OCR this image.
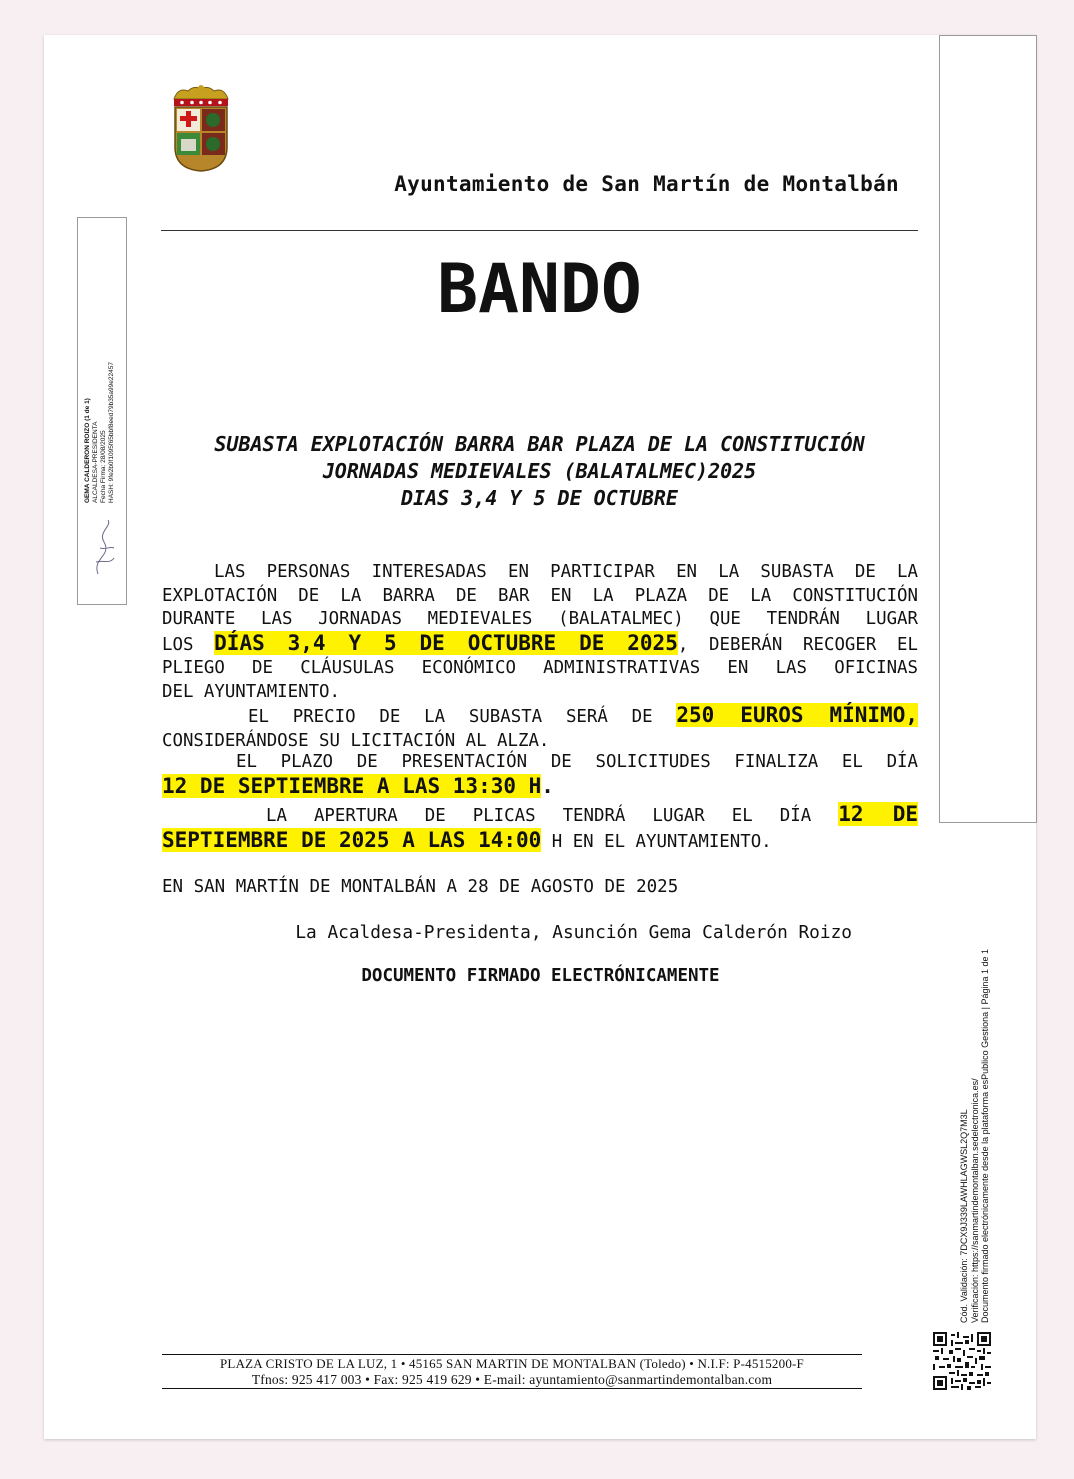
Ayuntamiento de San Martín de Montalbán
BANDO
SUBASTA EXPLOTACIÓN BARRA BAR PLAZA DE LA CONSTITUCIÓN
JORNADAS MEDIEVALES (BALATALMEC)2025
DIAS 3,4 Y 5 DE OCTUBRE
LAS PERSONAS INTERESADAS EN PARTICIPAR EN LA SUBASTA DE LA
EXPLOTACIÓN DE LA BARRA DE BAR EN LA PLAZA DE LA CONSTITUCIÓN
DURANTE LAS JORNADAS MEDIEVALES (BALATALMEC) QUE TENDRÁN LUGAR
LOS DÍAS 3,4 Y 5 DE OCTUBRE DE 2025, DEBERÁN RECOGER EL
PLIEGO DE CLÁUSULAS ECONÓMICO ADMINISTRATIVAS EN LAS OFICINAS
DEL AYUNTAMIENTO.
EL PRECIO DE LA SUBASTA SERÁ DE 250 EUROS MÍNIMO,
CONSIDERÁNDOSE SU LICITACIÓN AL ALZA.
EL PLAZO DE PRESENTACIÓN DE SOLICITUDES FINALIZA EL DÍA
12 DE SEPTIEMBRE A LAS 13:30 H.
LA APERTURA DE PLICAS TENDRÁ LUGAR EL DÍA 12 DE
SEPTIEMBRE DE 2025 A LAS 14:00 H EN EL AYUNTAMIENTO.
EN SAN MARTÍN DE MONTALBÁN A 28 DE AGOSTO DE 2025
La Acaldesa-Presidenta, Asunción Gema Calderón Roizo
DOCUMENTO FIRMADO ELECTRÓNICAMENTE
GEMA CALDERON ROIZO (1 de 1) ALCALDESA-PRESIDENTA Fecha Firma: 28/08/2025 HASH: 9fe2b0f1095f65bbf8eed79b35a99e22457
Cód. Validación: 7DCX9J339LAWHLAGWSL2Q7M3L Verificación: https://sanmartindemontalban.sedelectronica.es/ Documento firmado electrónicamente desde la plataforma esPublico Gestiona | Página 1 de 1
PLAZA CRISTO DE LA LUZ, 1 • 45165 SAN MARTIN DE MONTALBAN (Toledo) • N.I.F: P-4515200-F
Tfnos: 925 417 003 • Fax: 925 419 629 • E-mail: ayuntamiento@sanmartindemontalban.com
